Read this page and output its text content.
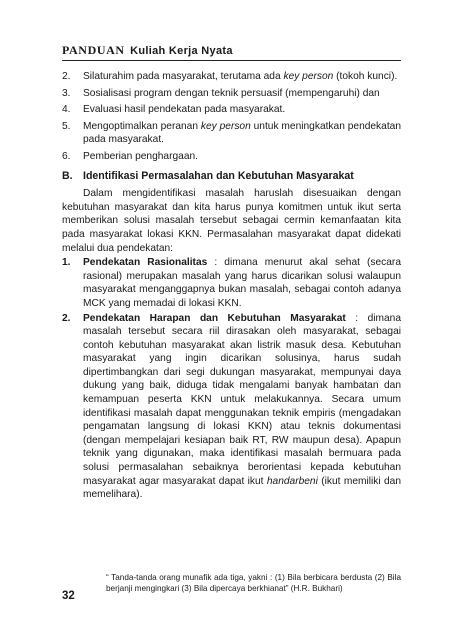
PANDUAN Kuliah Kerja Nyata
2.	Silaturahim pada masyarakat, terutama ada key person (tokoh kunci).
3.	Sosialisasi program dengan teknik persuasif (mempengaruhi) dan
4.	Evaluasi hasil pendekatan pada masyarakat.
5.	Mengoptimalkan peranan key person untuk meningkatkan pendekatan pada masyarakat.
6.	Pemberian penghargaan.
B. Identifikasi Permasalahan dan Kebutuhan Masyarakat

Dalam mengidentifikasi masalah haruslah disesuaikan dengan kebutuhan masyarakat dan kita harus punya komitmen untuk ikut serta memberikan solusi masalah tersebut sebagai cermin kemanfaatan kita pada masyarakat lokasi KKN. Permasalahan masyarakat dapat didekati melalui dua pendekatan:

1.	Pendekatan Rasionalitas : dimana menurut akal sehat (secara rasional) merupakan masalah yang harus dicarikan solusi walaupun masyarakat menganggapnya bukan masalah, sebagai contoh adanya MCK yang memadai di lokasi KKN.
2.	Pendekatan Harapan dan Kebutuhan Masyarakat : dimana masalah tersebut secara riil dirasakan oleh masyarakat, sebagai contoh kebutuhan masyarakat akan listrik masuk desa. Kebutuhan masyarakat yang ingin dicarikan solusinya, harus sudah dipertimbangkan dari segi dukungan masyarakat, mempunyai daya dukung yang baik, diduga tidak mengalami banyak hambatan dan kemampuan peserta KKN untuk melakukannya. Secara umum identifikasi masalah dapat menggunakan teknik empiris (mengadakan pengamatan langsung di lokasi KKN) atau teknis dokumentasi (dengan mempelajari kesiapan baik RT, RW maupun desa). Apapun teknik yang digunakan, maka identifikasi masalah bermuara pada solusi permasalahan sebaiknya berorientasi kepada kebutuhan masyarakat agar masyarakat dapat ikut handarbeni (ikut memiliki dan memelihara).
“ Tanda-tanda orang munafik ada tiga, yakni : (1) Bila berbicara berdusta (2) Bila berjanji mengingkari (3) Bila dipercaya berkhianat” (H.R. Bukhari)
32
